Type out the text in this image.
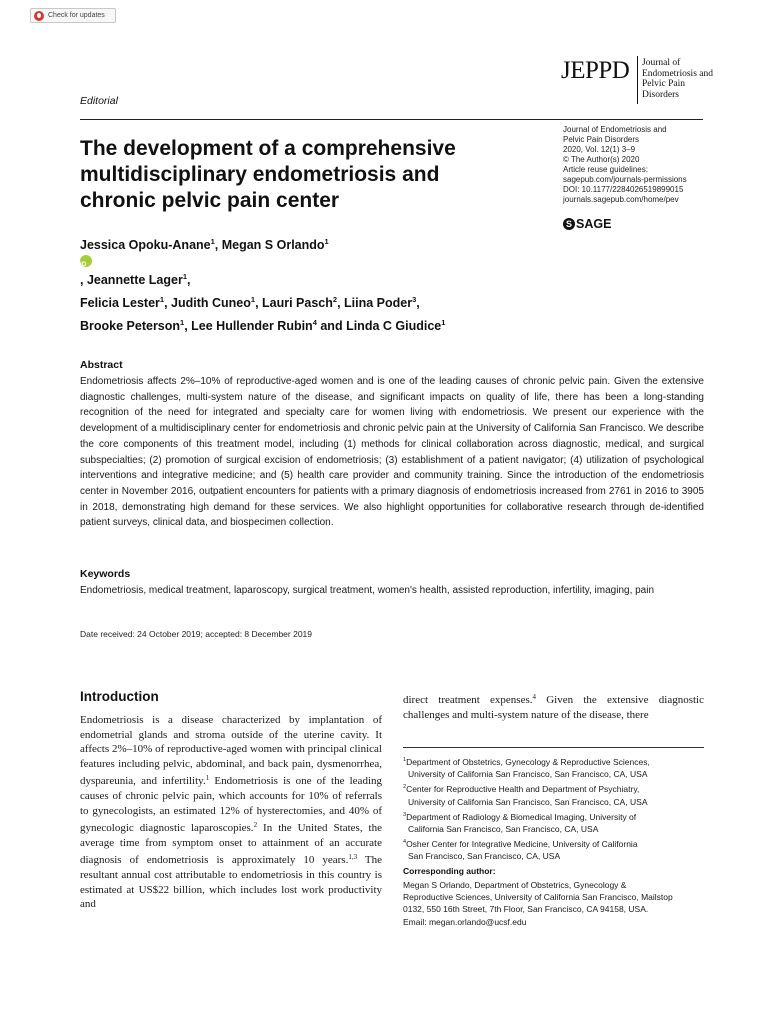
Check for updates
JEPPD Journal of
Endometriosis and
Pelvic Pain
Disorders
Editorial
The development of a comprehensive
multidisciplinary endometriosis and
chronic pelvic pain center
Journal of Endometriosis and
Pelvic Pain Disorders
2020, Vol. 12(1) 3–9
© The Author(s) 2020
Article reuse guidelines:
sagepub.com/journals-permissions
DOI: 10.1177/2284026519899015
journals.sagepub.com/home/pev
S SAGE
Jessica Opoku-Anane$^1$, Megan S Orlando$^1$
iD
, Jeannette Lager$^1$,
Felicia Lester$^1$, Judith Cuneo$^1$, Lauri Pasch$^2$, Liina Poder$^3$,
Brooke Peterson$^1$, Lee Hullender Rubin$^4$ and Linda C Giudice$^1$
Abstract

Endometriosis affects 2%–10% of reproductive-aged women and is one of the leading causes of chronic pelvic pain. Given the extensive diagnostic challenges, multi-system nature of the disease, and significant impacts on quality of life, there has been a long-standing recognition of the need for integrated and specialty care for women living with endometriosis. We present our experience with the development of a multidisciplinary center for endometriosis and chronic pelvic pain at the University of California San Francisco. We describe the core components of this treatment model, including (1) methods for clinical collaboration across diagnostic, medical, and surgical subspecialties; (2) promotion of surgical excision of endometriosis; (3) establishment of a patient navigator; (4) utilization of psychological interventions and integrative medicine; and (5) health care provider and community training. Since the introduction of the endometriosis center in November 2016, outpatient encounters for patients with a primary diagnosis of endometriosis increased from 2761 in 2016 to 3905 in 2018, demonstrating high demand for these services. We also highlight opportunities for collaborative research through de-identified patient surveys, clinical data, and biospecimen collection.

Keywords

Endometriosis, medical treatment, laparoscopy, surgical treatment, women's health, assisted reproduction, infertility, imaging, pain

Date received: 24 October 2019; accepted: 8 December 2019
Introduction

Endometriosis is a disease characterized by implantation of endometrial glands and stroma outside of the uterine cavity. It affects 2%–10% of reproductive-aged women with principal clinical features including pelvic, abdominal, and back pain, dysmenorrhea, dyspareunia, and infertility.$^1$ Endometriosis is one of the leading causes of chronic pelvic pain, which accounts for 10% of referrals to gynecologists, an estimated 12% of hysterectomies, and 40% of gynecologic diagnostic laparoscopies.$^2$ In the United States, the average time from symptom onset to attainment of an accurate diagnosis of endometriosis is approximately 10 years.$^{1,3}$ The resultant annual cost attributable to endometriosis in this country is estimated at US$22 billion, which includes lost work productivity and

direct treatment expenses.$^4$ Given the extensive diagnostic challenges and multi-system nature of the disease, there

$^1$Department of Obstetrics, Gynecology & Reproductive Sciences,
University of California San Francisco, San Francisco, CA, USA
$^2$Center for Reproductive Health and Department of Psychiatry,
University of California San Francisco, San Francisco, CA, USA
$^3$Department of Radiology & Biomedical Imaging, University of
California San Francisco, San Francisco, CA, USA
$^4$Osher Center for Integrative Medicine, University of California
San Francisco, San Francisco, CA, USA
Corresponding author:
Megan S Orlando, Department of Obstetrics, Gynecology &
Reproductive Sciences, University of California San Francisco, Mailstop
0132, 550 16th Street, 7th Floor, San Francisco, CA 94158, USA.
Email: megan.orlando@ucsf.edu
